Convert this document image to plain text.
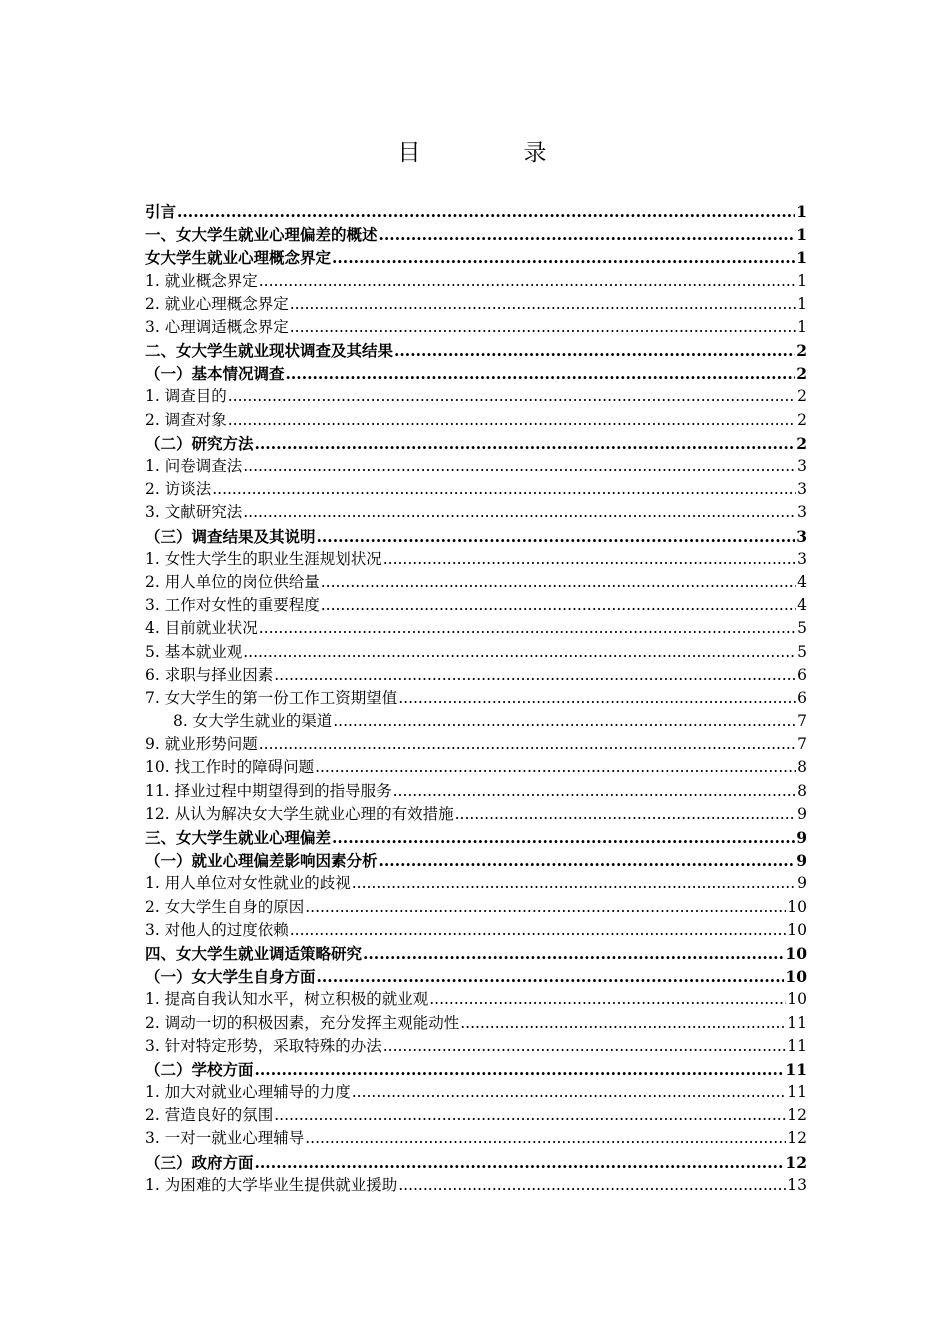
目　录
引言 .....	1
一、女大学生就业心理偏差的概述 .....	1
女大学生就业心理概念界定 .....	1
1. 就业概念界定 .....	1
2. 就业心理概念界定 .....	1
3. 心理调适概念界定 .....	1
二、女大学生就业现状调查及其结果 .....	2
（一）基本情况调查 .....	2
1. 调查目的 .....	2
2. 调查对象 .....	2
（二）研究方法 .....	2
1. 问卷调查法 .....	3
2. 访谈法 .....	3
3. 文献研究法 .....	3
（三）调查结果及其说明 .....	3
1. 女性大学生的职业生涯规划状况 .....	3
2. 用人单位的岗位供给量 .....	4
3. 工作对女性的重要程度 .....	4
4. 目前就业状况 .....	5
5. 基本就业观 .....	5
6. 求职与择业因素 .....	6
7. 女大学生的第一份工作工资期望值 .....	6
8. 女大学生就业的渠道 .....	7
9. 就业形势问题 .....	7
10. 找工作时的障碍问题 .....	8
11. 择业过程中期望得到的指导服务 .....	8
12. 从认为解决女大学生就业心理的有效措施 .....	9
三、女大学生就业心理偏差 .....	9
（一）就业心理偏差影响因素分析 .....	9
1. 用人单位对女性就业的歧视 .....	9
2. 女大学生自身的原因 .....	10
3. 对他人的过度依赖 .....	10
四、女大学生就业调适策略研究 .....	10
（一）女大学生自身方面 .....	10
1. 提高自我认知水平，树立积极的就业观 .....	10
2. 调动一切的积极因素，充分发挥主观能动性 .....	11
3. 针对特定形势，采取特殊的办法 .....	11
（二）学校方面 .....	11
1. 加大对就业心理辅导的力度 .....	11
2. 营造良好的氛围 .....	12
3. 一对一就业心理辅导 .....	12
（三）政府方面 .....	12
1. 为困难的大学毕业生提供就业援助 .....	13
